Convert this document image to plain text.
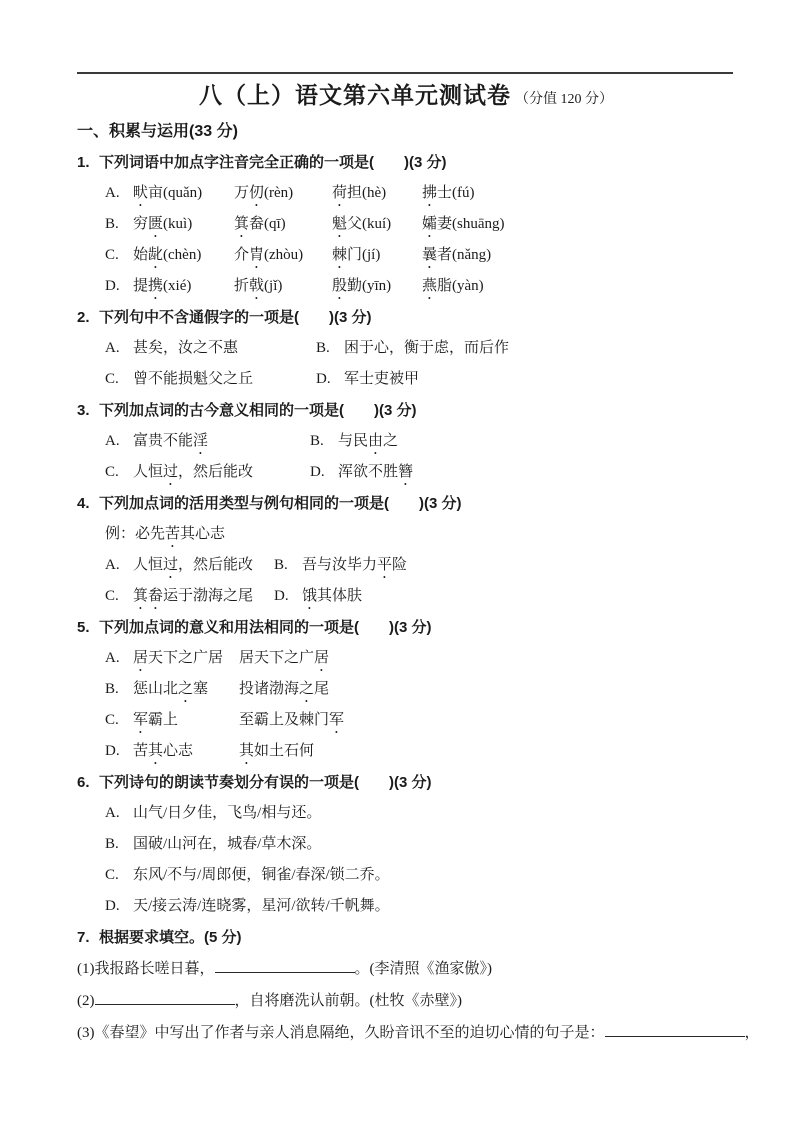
八（上）语文第六单元测试卷 （分值 120 分）
一、积累与运用(33 分)
1. 下列词语中加点字注音完全正确的一项是(　　)(3 分)
A. 畎亩(quǎn) 万仞(rèn)	荷担(hè) 拂士(fú)
B. 穷匮(kuì)	箕畚(qī)	魁父(kuí) 孀妻(shuāng)
C. 始龀(chèn) 介胄(zhòu) 棘门(jí)	曩者(nǎng)
D. 提携(xié)	折戟(jǐ)	殷勤(yīn) 燕脂(yàn)
2. 下列句中不含通假字的一项是(　　)(3 分)
A. 甚矣，汝之不惠	B. 困于心，衡于虑，而后作
C. 曾不能损魁父之丘	D. 军士吏被甲
3. 下列加点词的古今意义相同的一项是(　　)(3 分)
A. 富贵不能淫	B. 与民由之
C. 人恒过，然后能改	D. 浑欲不胜簪
4. 下列加点词的活用类型与例句相同的一项是(　　)(3 分)
例：必先苦其心志
A. 人恒过，然后能改 B. 吾与汝毕力平险
C. 箕畚运于渤海之尾 D. 饿其体肤
5. 下列加点词的意义和用法相同的一项是(　　)(3 分)
A. 居天下之广居 居天下之广居
B. 惩山北之塞 投诸渤海之尾
C. 军霸上	至霸上及棘门军
D. 苦其心志	其如土石何
6. 下列诗句的朗读节奏划分有误的一项是(　　)(3 分)
A. 山气/日夕佳，飞鸟/相与还。
B. 国破/山河在，城春/草木深。
C. 东风/不与/周郎便，铜雀/春深/锁二乔。
D. 天/接云涛/连晓雾，星河/欲转/千帆舞。
7. 根据要求填空。(5 分)
(1)我报路长嗟日暮，	。(李清照《渔家傲》)
(2)	，自将磨洗认前朝。(杜牧《赤壁》)
(3)《春望》中写出了作者与亲人消息隔绝，久盼音讯不至的迫切心情的句子是：	，
